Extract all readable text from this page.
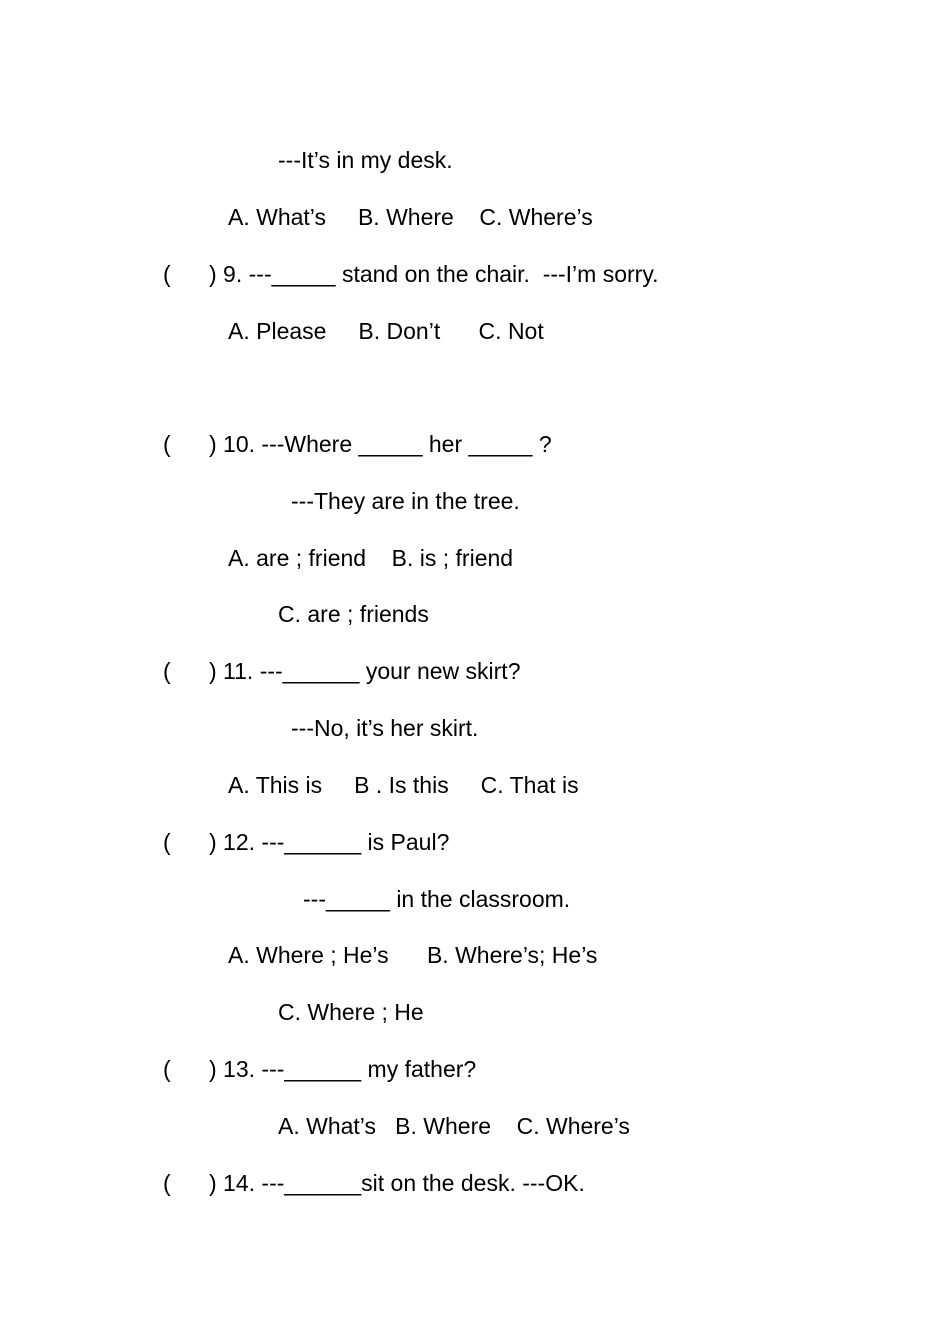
---It’s in my desk.
A. What’s     B. Where    C. Where’s
(      ) 9. ---_____ stand on the chair.  ---I’m sorry.
A. Please     B. Don’t      C. Not
(      ) 10. ---Where _____ her _____ ?
---They are in the tree.
A. are ; friend    B. is ; friend
C. are ; friends
(      ) 11. ---______ your new skirt?
---No, it’s her skirt.
A. This is     B . Is this     C. That is
(      ) 12. ---______ is Paul?
---_____ in the classroom.
A. Where ; He’s      B. Where’s; He’s
C. Where ; He
(      ) 13. ---______ my father?
A. What’s   B. Where    C. Where’s
(      ) 14. ---______sit on the desk. ---OK.
